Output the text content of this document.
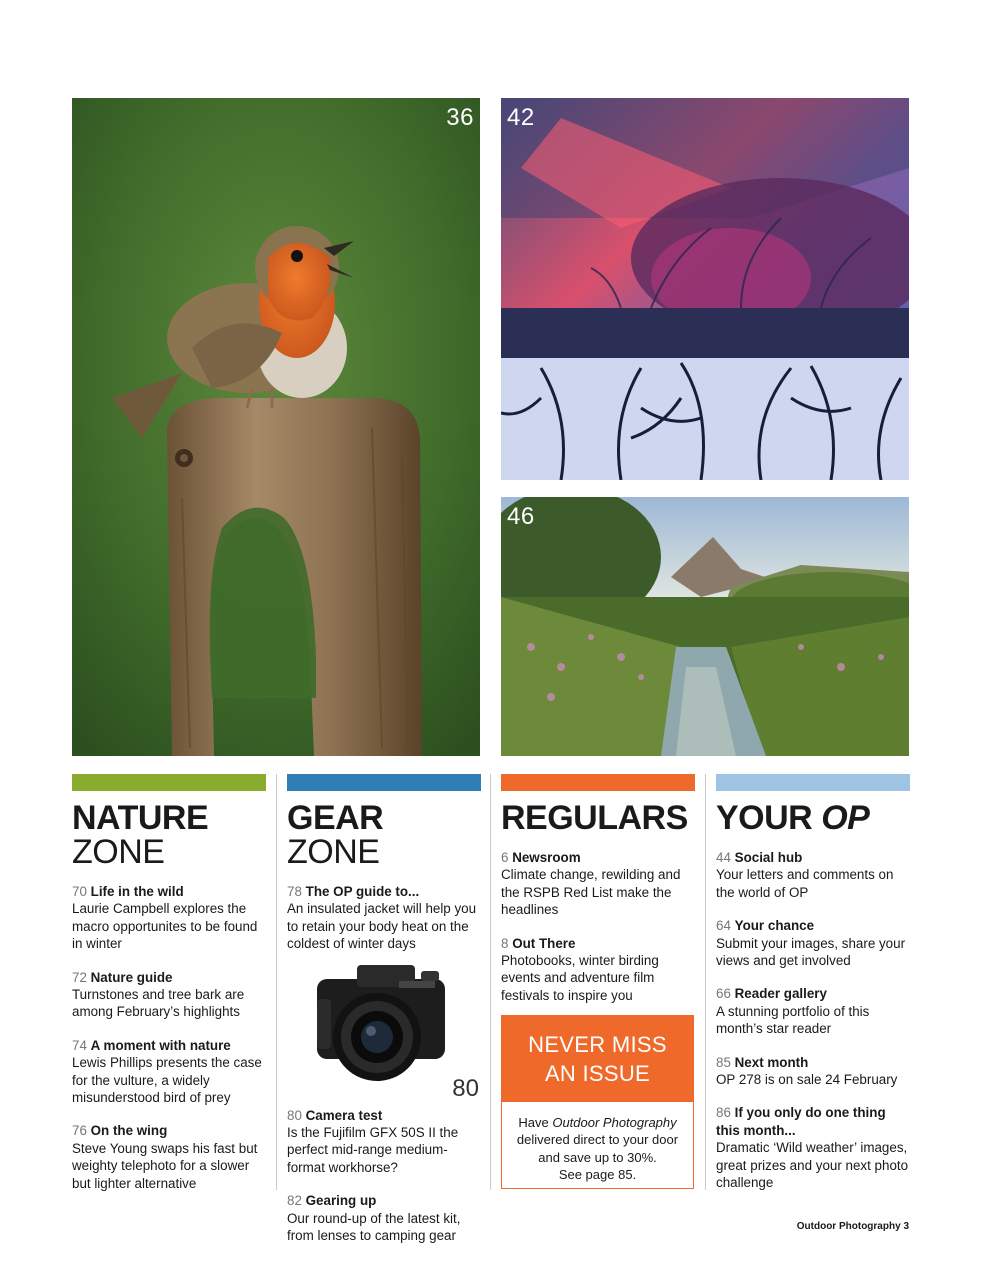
36 42
46
NATURE
ZONE
70 Life in the wild
Laurie Campbell explores the macro opportunites to be found in winter
72 Nature guide
Turnstones and tree bark are among February’s highlights
74 A moment with nature
Lewis Phillips presents the case for the vulture, a widely misunderstood bird of prey
76 On the wing
Steve Young swaps his fast but weighty telephoto for a slower but lighter alternative
GEAR ZONE
78 The OP guide to...
An insulated jacket will help you to retain your body heat on the coldest of winter days
80
80 Camera test
Is the Fujifilm GFX 50S II the perfect mid-range medium-format workhorse?
82 Gearing up
Our round-up of the latest kit, from lenses to camping gear
REGULARS
6 Newsroom
Climate change, rewilding and the RSPB Red List make the headlines
8 Out There
Photobooks, winter birding events and adventure film festivals to inspire you
NEVER MISS
AN ISSUE
Have Outdoor Photography delivered direct to your door and save up to 30%.
See page 85.
YOUR OP
44 Social hub
Your letters and comments on the world of OP
64 Your chance
Submit your images, share your views and get involved
66 Reader gallery
A stunning portfolio of this month’s star reader
85 Next month
OP 278 is on sale 24 February
86 If you only do one thing this month...
Dramatic ‘Wild weather’ images, great prizes and your next photo challenge
Outdoor Photography 3
